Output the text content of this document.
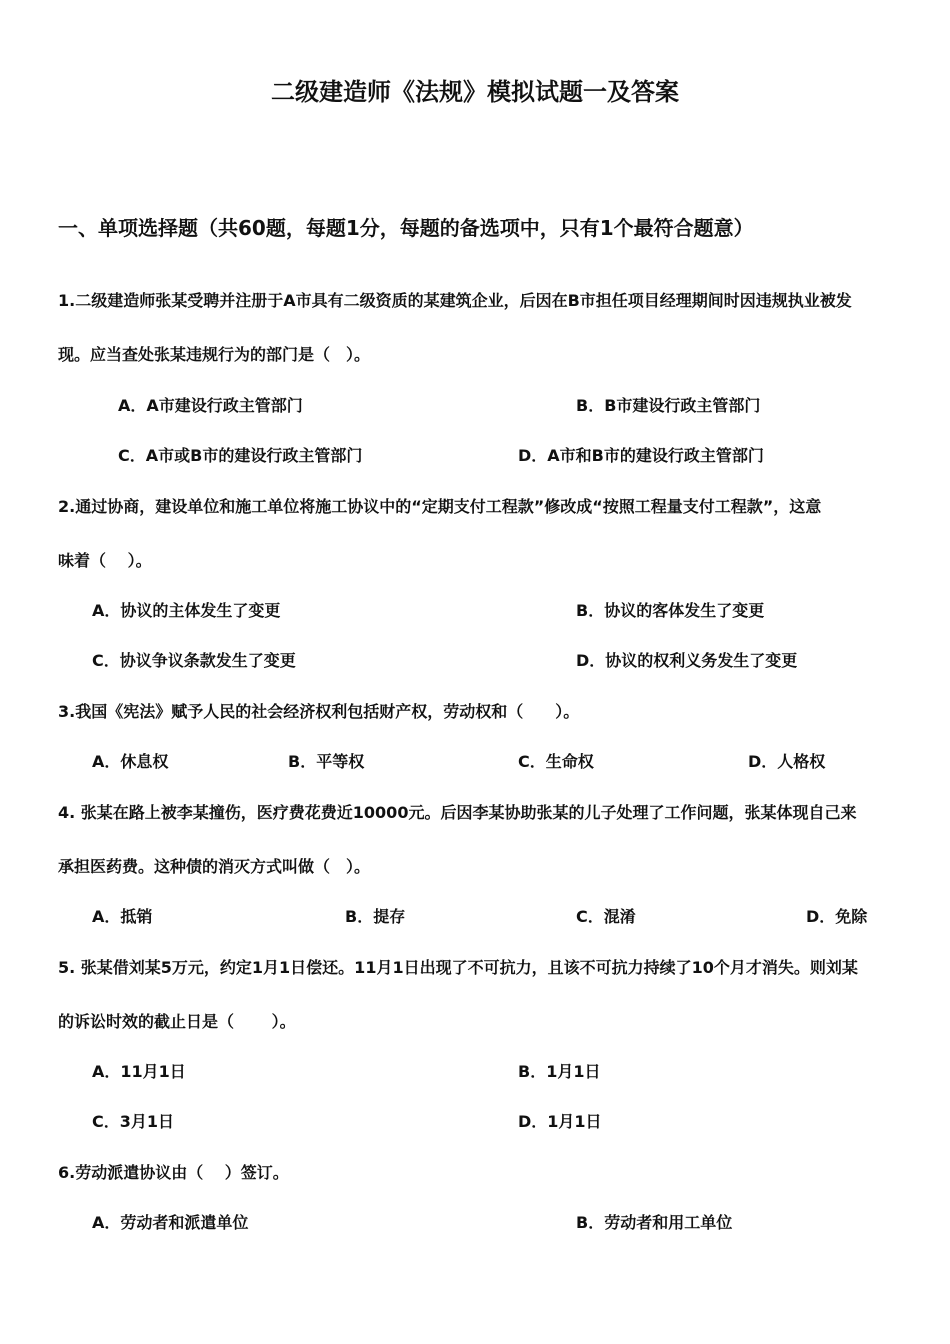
二级建造师《法规》模拟试题一及答案
一、单项选择题（共60题，每题1分，每题的备选项中，只有1个最符合题意）
1.二级建造师张某受聘并注册于A市具有二级资质的某建筑企业，后因在B市担任项目经理期间时因违规执业被发
现。应当查处张某违规行为的部门是（　）。
A．A市建设行政主管部门	B．B市建设行政主管部门
C．A市或B市的建设行政主管部门	D．A市和B市的建设行政主管部门
2.通过协商，建设单位和施工单位将施工协议中的“定期支付工程款”修改成“按照工程量支付工程款”，这意
味着（　 ）。
A．协议的主体发生了变更	B．协议的客体发生了变更
C．协议争议条款发生了变更	D．协议的权利义务发生了变更
3.我国《宪法》赋予人民的社会经济权利包括财产权，劳动权和（　　）。
A．休息权	B．平等权	C．生命权	D．人格权
4. 张某在路上被李某撞伤，医疗费花费近10000元。后因李某协助张某的儿子处理了工作问题，张某体现自己来
承担医药费。这种债的消灭方式叫做（　）。
A．抵销	B．提存	C．混淆	D．免除
5. 张某借刘某5万元，约定1月1日偿还。11月1日出现了不可抗力，且该不可抗力持续了10个月才消失。则刘某
的诉讼时效的截止日是（　　 ）。
A．11月1日	B．1月1日
C．3月1日	D．1月1日
6.劳动派遣协议由（　 ）签订。
A．劳动者和派遣单位	B．劳动者和用工单位
